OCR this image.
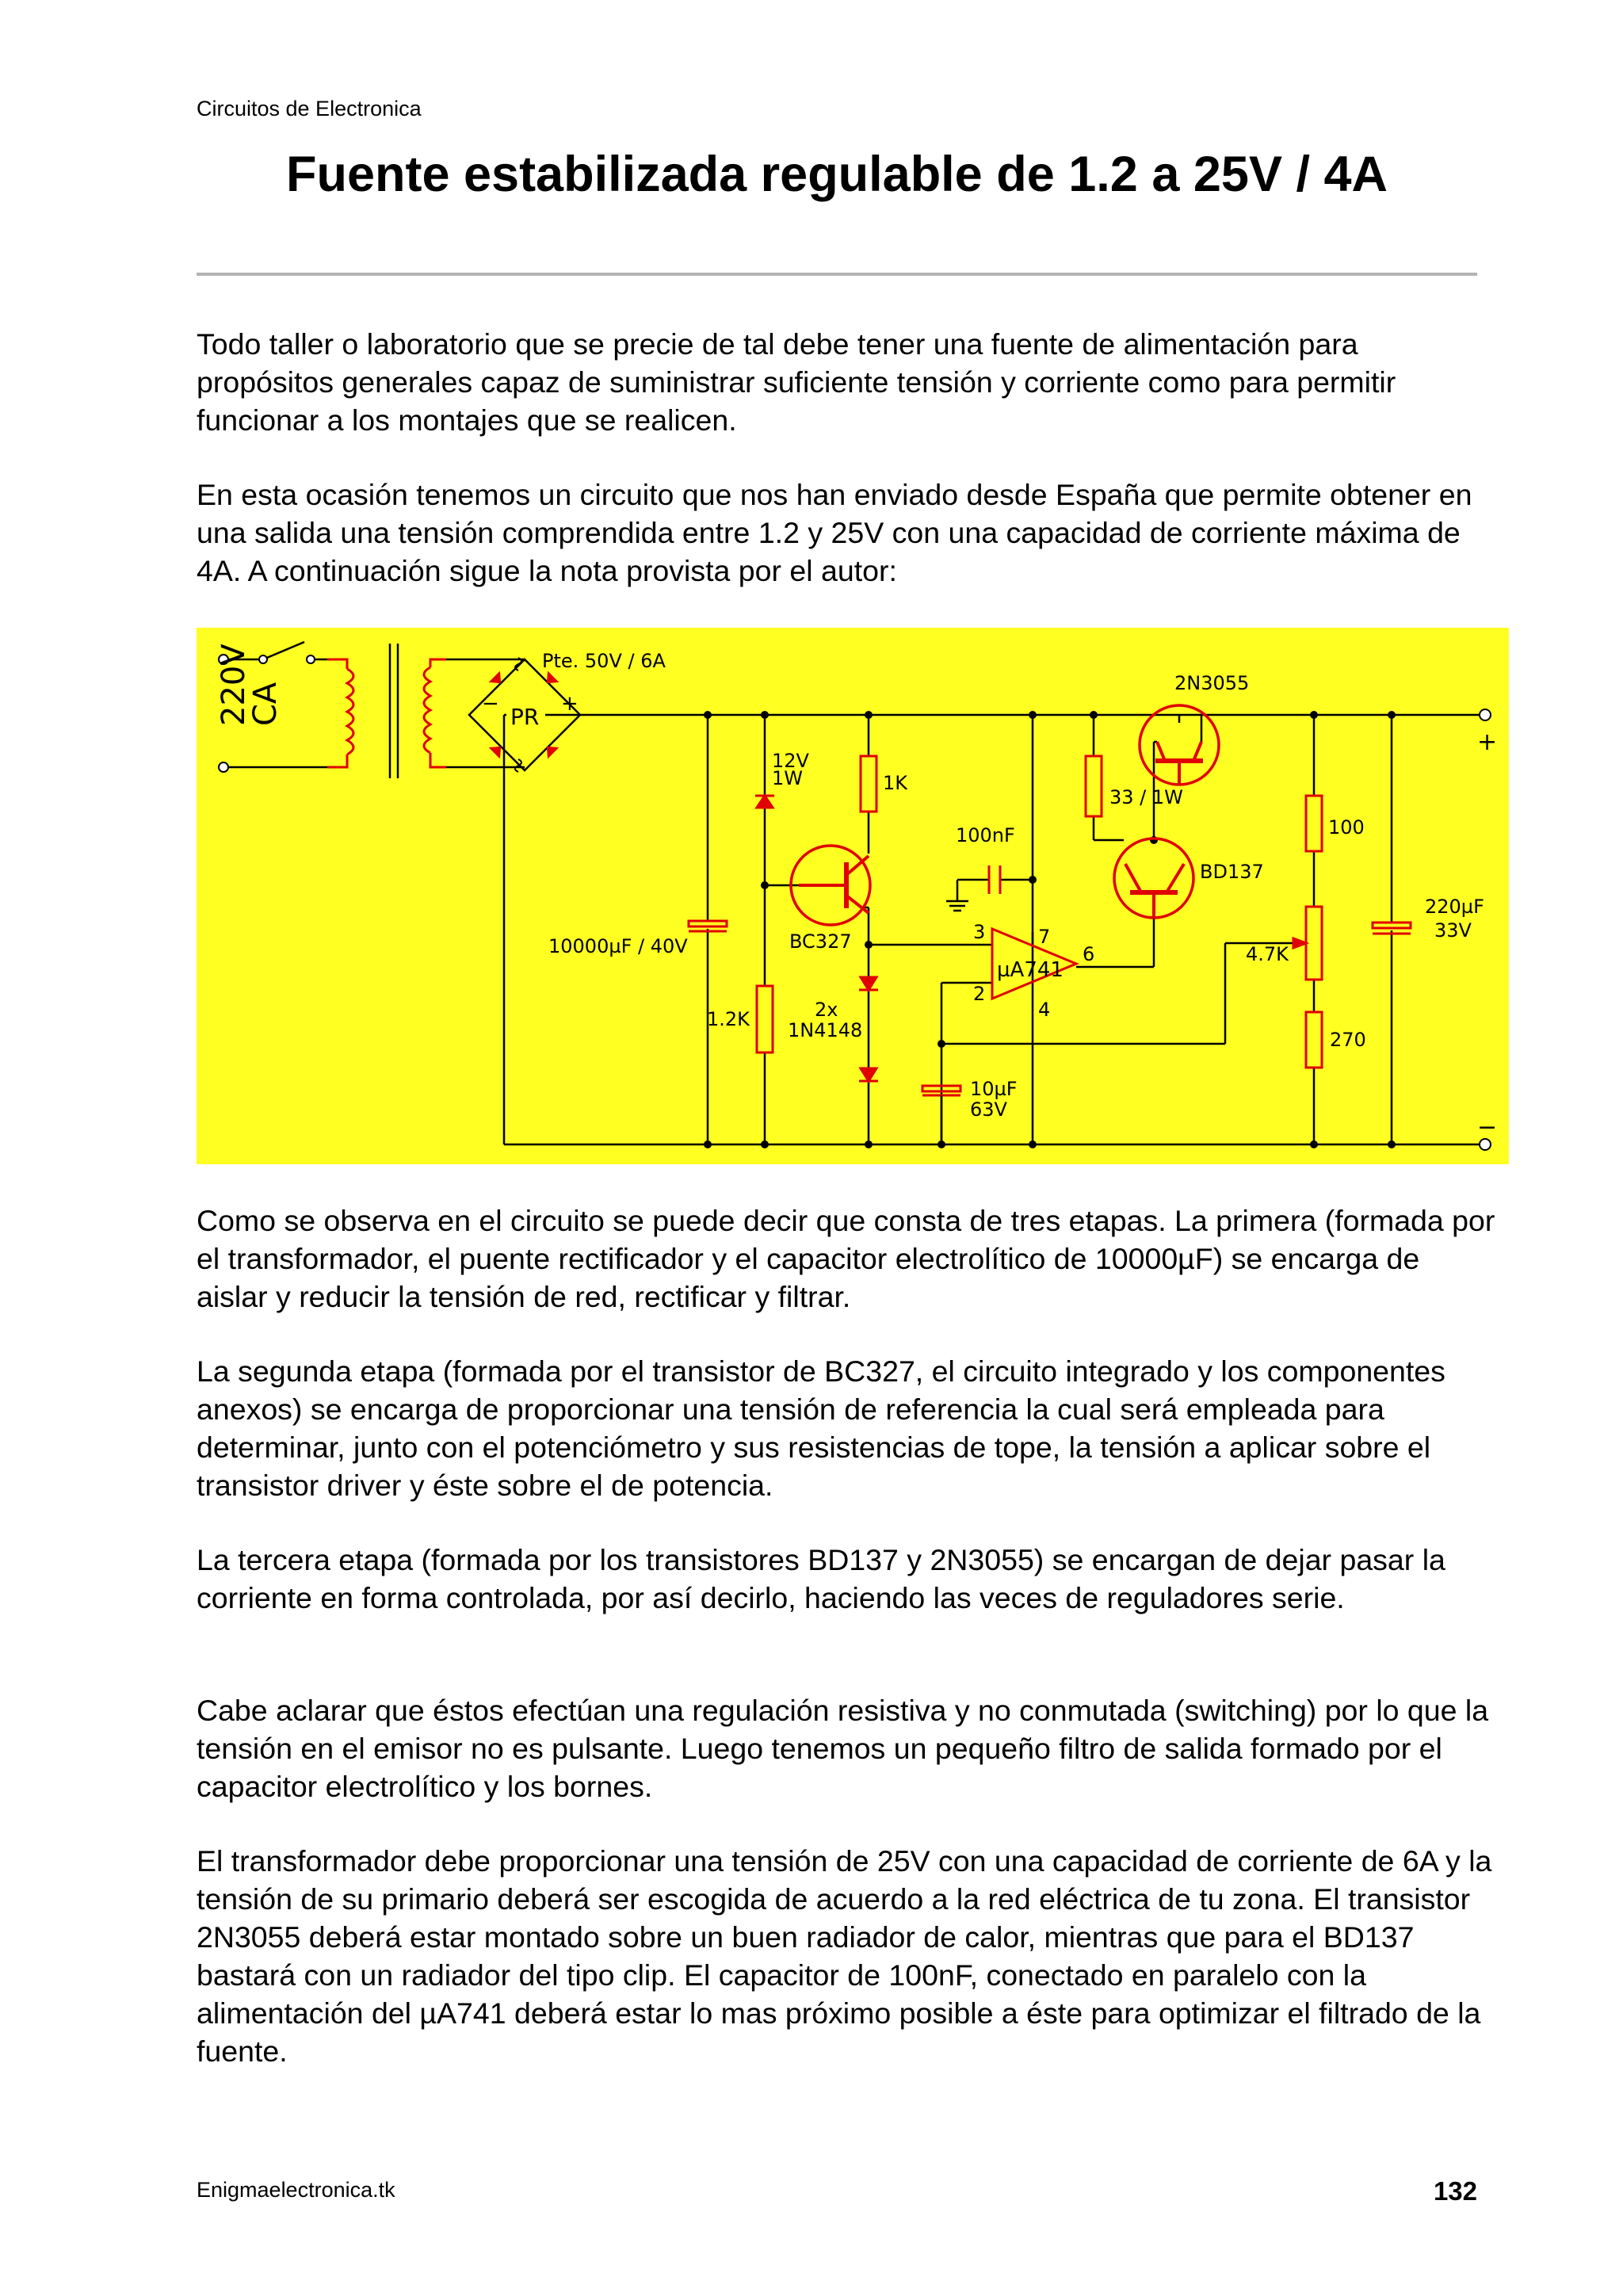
Circuitos de Electronica
Fuente estabilizada regulable de 1.2 a 25V / 4A

Todo taller o laboratorio que se precie de tal debe tener una fuente de alimentación para propósitos generales capaz de suministrar suficiente tensión y corriente como para permitir funcionar a los montajes que se realicen.

En esta ocasión tenemos un circuito que nos han enviado desde España que permite obtener en una salida una tensión comprendida entre 1.2 y 25V con una capacidad de corriente máxima de 4A. A continuación sigue la nota provista por el autor:

220V
CA	PR
Pte. 50V / 6A
−	+
12V
1W	1K
100nF
2N3055
33 / 1W
BD137
100
10000µF / 40V	BC327
µA741
3	7
6
2
4
4.7K
220µF
33V
1.2K	2x
1N4148	270
10µF
63V
+
−

Como se observa en el circuito se puede decir que consta de tres etapas. La primera (formada por el transformador, el puente rectificador y el capacitor electrolítico de 10000µF) se encarga de aislar y reducir la tensión de red, rectificar y filtrar.

La segunda etapa (formada por el transistor de BC327, el circuito integrado y los componentes anexos) se encarga de proporcionar una tensión de referencia la cual será empleada para determinar, junto con el potenciómetro y sus resistencias de tope, la tensión a aplicar sobre el transistor driver y éste sobre el de potencia.

La tercera etapa (formada por los transistores BD137 y 2N3055) se encargan de dejar pasar la corriente en forma controlada, por así decirlo, haciendo las veces de reguladores serie.

Cabe aclarar que éstos efectúan una regulación resistiva y no conmutada (switching) por lo que la tensión en el emisor no es pulsante. Luego tenemos un pequeño filtro de salida formado por el capacitor electrolítico y los bornes.

El transformador debe proporcionar una tensión de 25V con una capacidad de corriente de 6A y la tensión de su primario deberá ser escogida de acuerdo a la red eléctrica de tu zona. El transistor 2N3055 deberá estar montado sobre un buen radiador de calor, mientras que para el BD137 bastará con un radiador del tipo clip. El capacitor de 100nF, conectado en paralelo con la alimentación del µA741 deberá estar lo mas próximo posible a éste para optimizar el filtrado de la fuente.

Enigmaelectronica.tk	132
